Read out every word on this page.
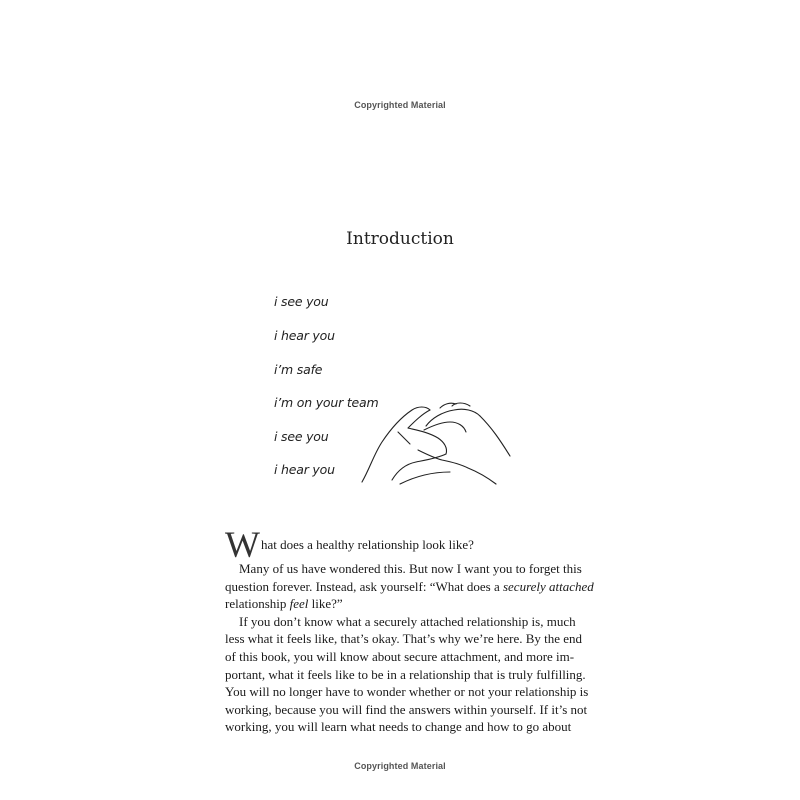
Copyrighted Material
Introduction
i see you
i hear you
i’m safe
i’m on your team
i see you
i hear you
W hat does a healthy relationship look like?
Many of us have wondered this. But now I want you to forget this
question forever. Instead, ask yourself: “What does a securely attached
relationship feel like?”
If you don’t know what a securely attached relationship is, much
less what it feels like, that’s okay. That’s why we’re here. By the end
of this book, you will know about secure attachment, and more im-
portant, what it feels like to be in a relationship that is truly fulfilling.
You will no longer have to wonder whether or not your relationship is
working, because you will find the answers within yourself. If it’s not
working, you will learn what needs to change and how to go about
Copyrighted Material
